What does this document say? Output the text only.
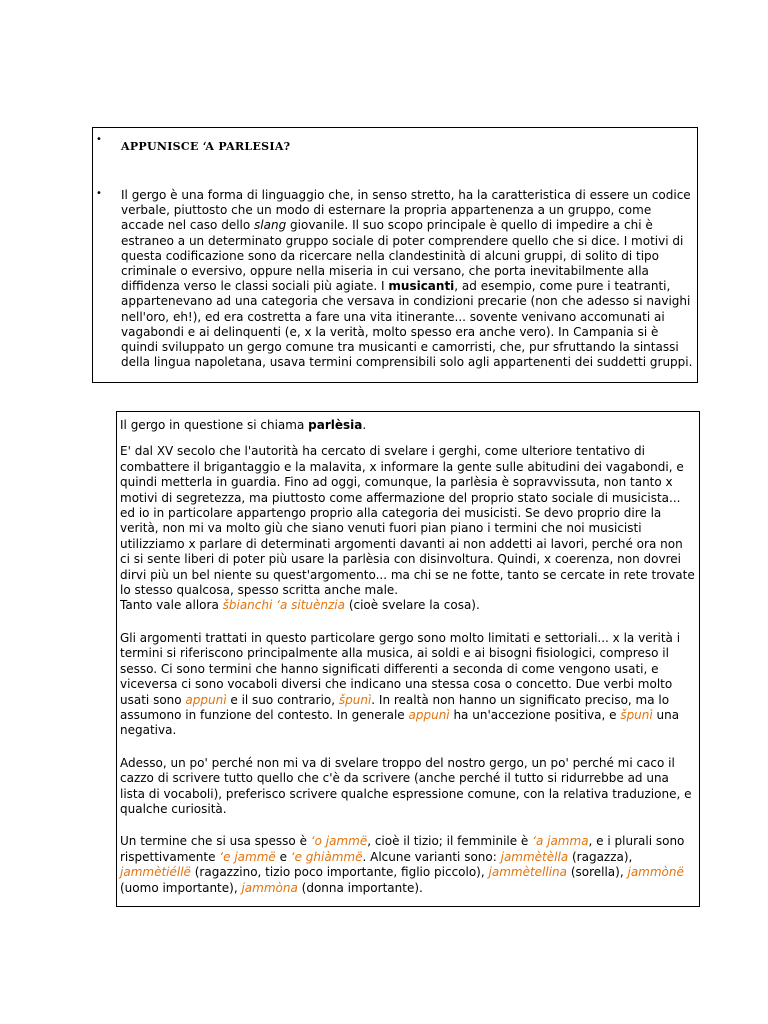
•
APPUNISCE ‘A PARLESIA?
• Il gergo è una forma di linguaggio che, in senso stretto, ha la caratteristica di essere un codice verbale, piuttosto che un modo di esternare la propria appartenenza a un gruppo, come accade nel caso dello slang giovanile. Il suo scopo principale è quello di impedire a chi è estraneo a un determinato gruppo sociale di poter comprendere quello che si dice. I motivi di questa codificazione sono da ricercare nella clandestinità di alcuni gruppi, di solito di tipo criminale o eversivo, oppure nella miseria in cui versano, che porta inevitabilmente alla diffidenza verso le classi sociali più agiate. I musicanti, ad esempio, come pure i teatranti, appartenevano ad una categoria che versava in condizioni precarie (non che adesso si navighi nell'oro, eh!), ed era costretta a fare una vita itinerante... sovente venivano accomunati ai vagabondi e ai delinquenti (e, x la verità, molto spesso era anche vero). In Campania si è quindi sviluppato un gergo comune tra musicanti e camorristi, che, pur sfruttando la sintassi della lingua napoletana, usava termini comprensibili solo agli appartenenti dei suddetti gruppi.

Il gergo in questione si chiama parlèsia.

E' dal XV secolo che l'autorità ha cercato di svelare i gerghi, come ulteriore tentativo di combattere il brigantaggio e la malavita, x informare la gente sulle abitudini dei vagabondi, e quindi metterla in guardia. Fino ad oggi, comunque, la parlèsia è sopravvissuta, non tanto x motivi di segretezza, ma piuttosto come affermazione del proprio stato sociale di musicista... ed io in particolare appartengo proprio alla categoria dei musicisti. Se devo proprio dire la verità, non mi va molto giù che siano venuti fuori pian piano i termini che noi musicisti utilizziamo x parlare di determinati argomenti davanti ai non addetti ai lavori, perché ora non ci si sente liberi di poter più usare la parlèsia con disinvoltura. Quindi, x coerenza, non dovrei dirvi più un bel niente su quest'argomento... ma chi se ne fotte, tanto se cercate in rete trovate lo stesso qualcosa, spesso scritta anche male.
Tanto vale allora šbianchi ‘a situènzia (cioè svelare la cosa).

Gli argomenti trattati in questo particolare gergo sono molto limitati e settoriali... x la verità i termini si riferiscono principalmente alla musica, ai soldi e ai bisogni fisiologici, compreso il sesso. Ci sono termini che hanno significati differenti a seconda di come vengono usati, e viceversa ci sono vocaboli diversi che indicano una stessa cosa o concetto. Due verbi molto usati sono appunì e il suo contrario, špunì. In realtà non hanno un significato preciso, ma lo assumono in funzione del contesto. In generale appunì ha un'accezione positiva, e špunì una negativa.

Adesso, un po' perché non mi va di svelare troppo del nostro gergo, un po' perché mi caco il cazzo di scrivere tutto quello che c'è da scrivere (anche perché il tutto si ridurrebbe ad una lista di vocaboli), preferisco scrivere qualche espressione comune, con la relativa traduzione, e qualche curiosità.

Un termine che si usa spesso è ‘o jammë, cioè il tizio; il femminile è ‘a jamma, e i plurali sono rispettivamente ‘e jammë e ‘e ghiàmmë. Alcune varianti sono: jammètèlla (ragazza), jammètiéllë (ragazzino, tizio poco importante, figlio piccolo), jammètellina (sorella), jammònë (uomo importante), jammòna (donna importante).
